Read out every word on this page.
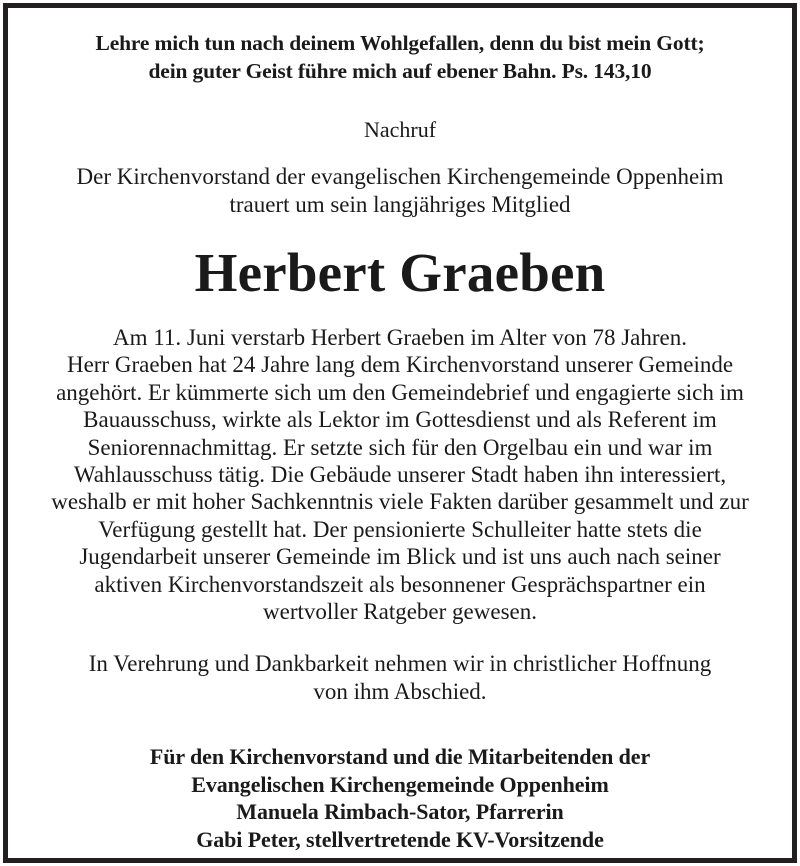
Lehre mich tun nach deinem Wohlgefallen, denn du bist mein Gott;
dein guter Geist führe mich auf ebener Bahn. Ps. 143,10
Nachruf
Der Kirchenvorstand der evangelischen Kirchengemeinde Oppenheim
trauert um sein langjähriges Mitglied
Herbert Graeben
Am 11. Juni verstarb Herbert Graeben im Alter von 78 Jahren.
Herr Graeben hat 24 Jahre lang dem Kirchenvorstand unserer Gemeinde
angehört. Er kümmerte sich um den Gemeindebrief und engagierte sich im
Bauausschuss, wirkte als Lektor im Gottesdienst und als Referent im
Seniorennachmittag. Er setzte sich für den Orgelbau ein und war im
Wahlausschuss tätig. Die Gebäude unserer Stadt haben ihn interessiert,
weshalb er mit hoher Sachkenntnis viele Fakten darüber gesammelt und zur
Verfügung gestellt hat. Der pensionierte Schulleiter hatte stets die
Jugendarbeit unserer Gemeinde im Blick und ist uns auch nach seiner
aktiven Kirchenvorstandszeit als besonnener Gesprächspartner ein
wertvoller Ratgeber gewesen.
In Verehrung und Dankbarkeit nehmen wir in christlicher Hoffnung
von ihm Abschied.
Für den Kirchenvorstand und die Mitarbeitenden der
Evangelischen Kirchengemeinde Oppenheim
Manuela Rimbach-Sator, Pfarrerin
Gabi Peter, stellvertretende KV-Vorsitzende
